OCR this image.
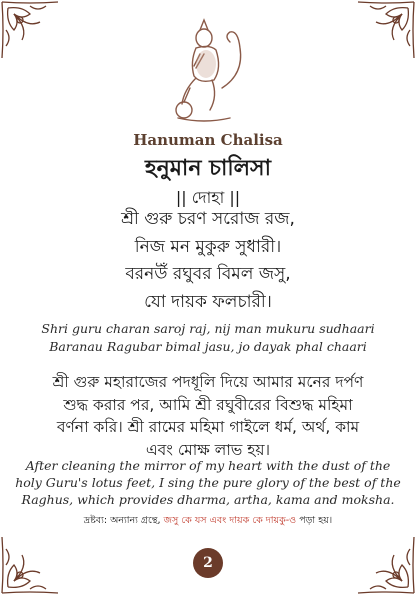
Hanuman Chalisa
হনুমান চালিসা
|| দোহা ||
শ্রী গুরু চরণ সরোজ রজ,
নিজ মন মুকুরু সুধারী।
বরনউঁ রঘুবর বিমল জসু,
যো দায়ক ফলচারী।
Shri guru charan saroj raj, nij man mukuru sudhaari
Baranau Ragubar bimal jasu, jo dayak phal chaari
শ্রী গুরু মহারাজের পদধূলি দিয়ে আমার মনের দর্পণ
শুদ্ধ করার পর, আমি শ্রী রঘুবীরের বিশুদ্ধ মহিমা
বর্ণনা করি। শ্রী রামের মহিমা গাইলে ধর্ম, অর্থ, কাম
এবং মোক্ষ লাভ হয়।
After cleaning the mirror of my heart with the dust of the
holy Guru's lotus feet, I sing the pure glory of the best of the
Raghus, which provides dharma, artha, kama and moksha.
দ্রষ্টব্য: অন্যান্য গ্রন্থে, জসু কে যস এবং দায়ক কে দায়কু-ও পড়া হয়।
2
